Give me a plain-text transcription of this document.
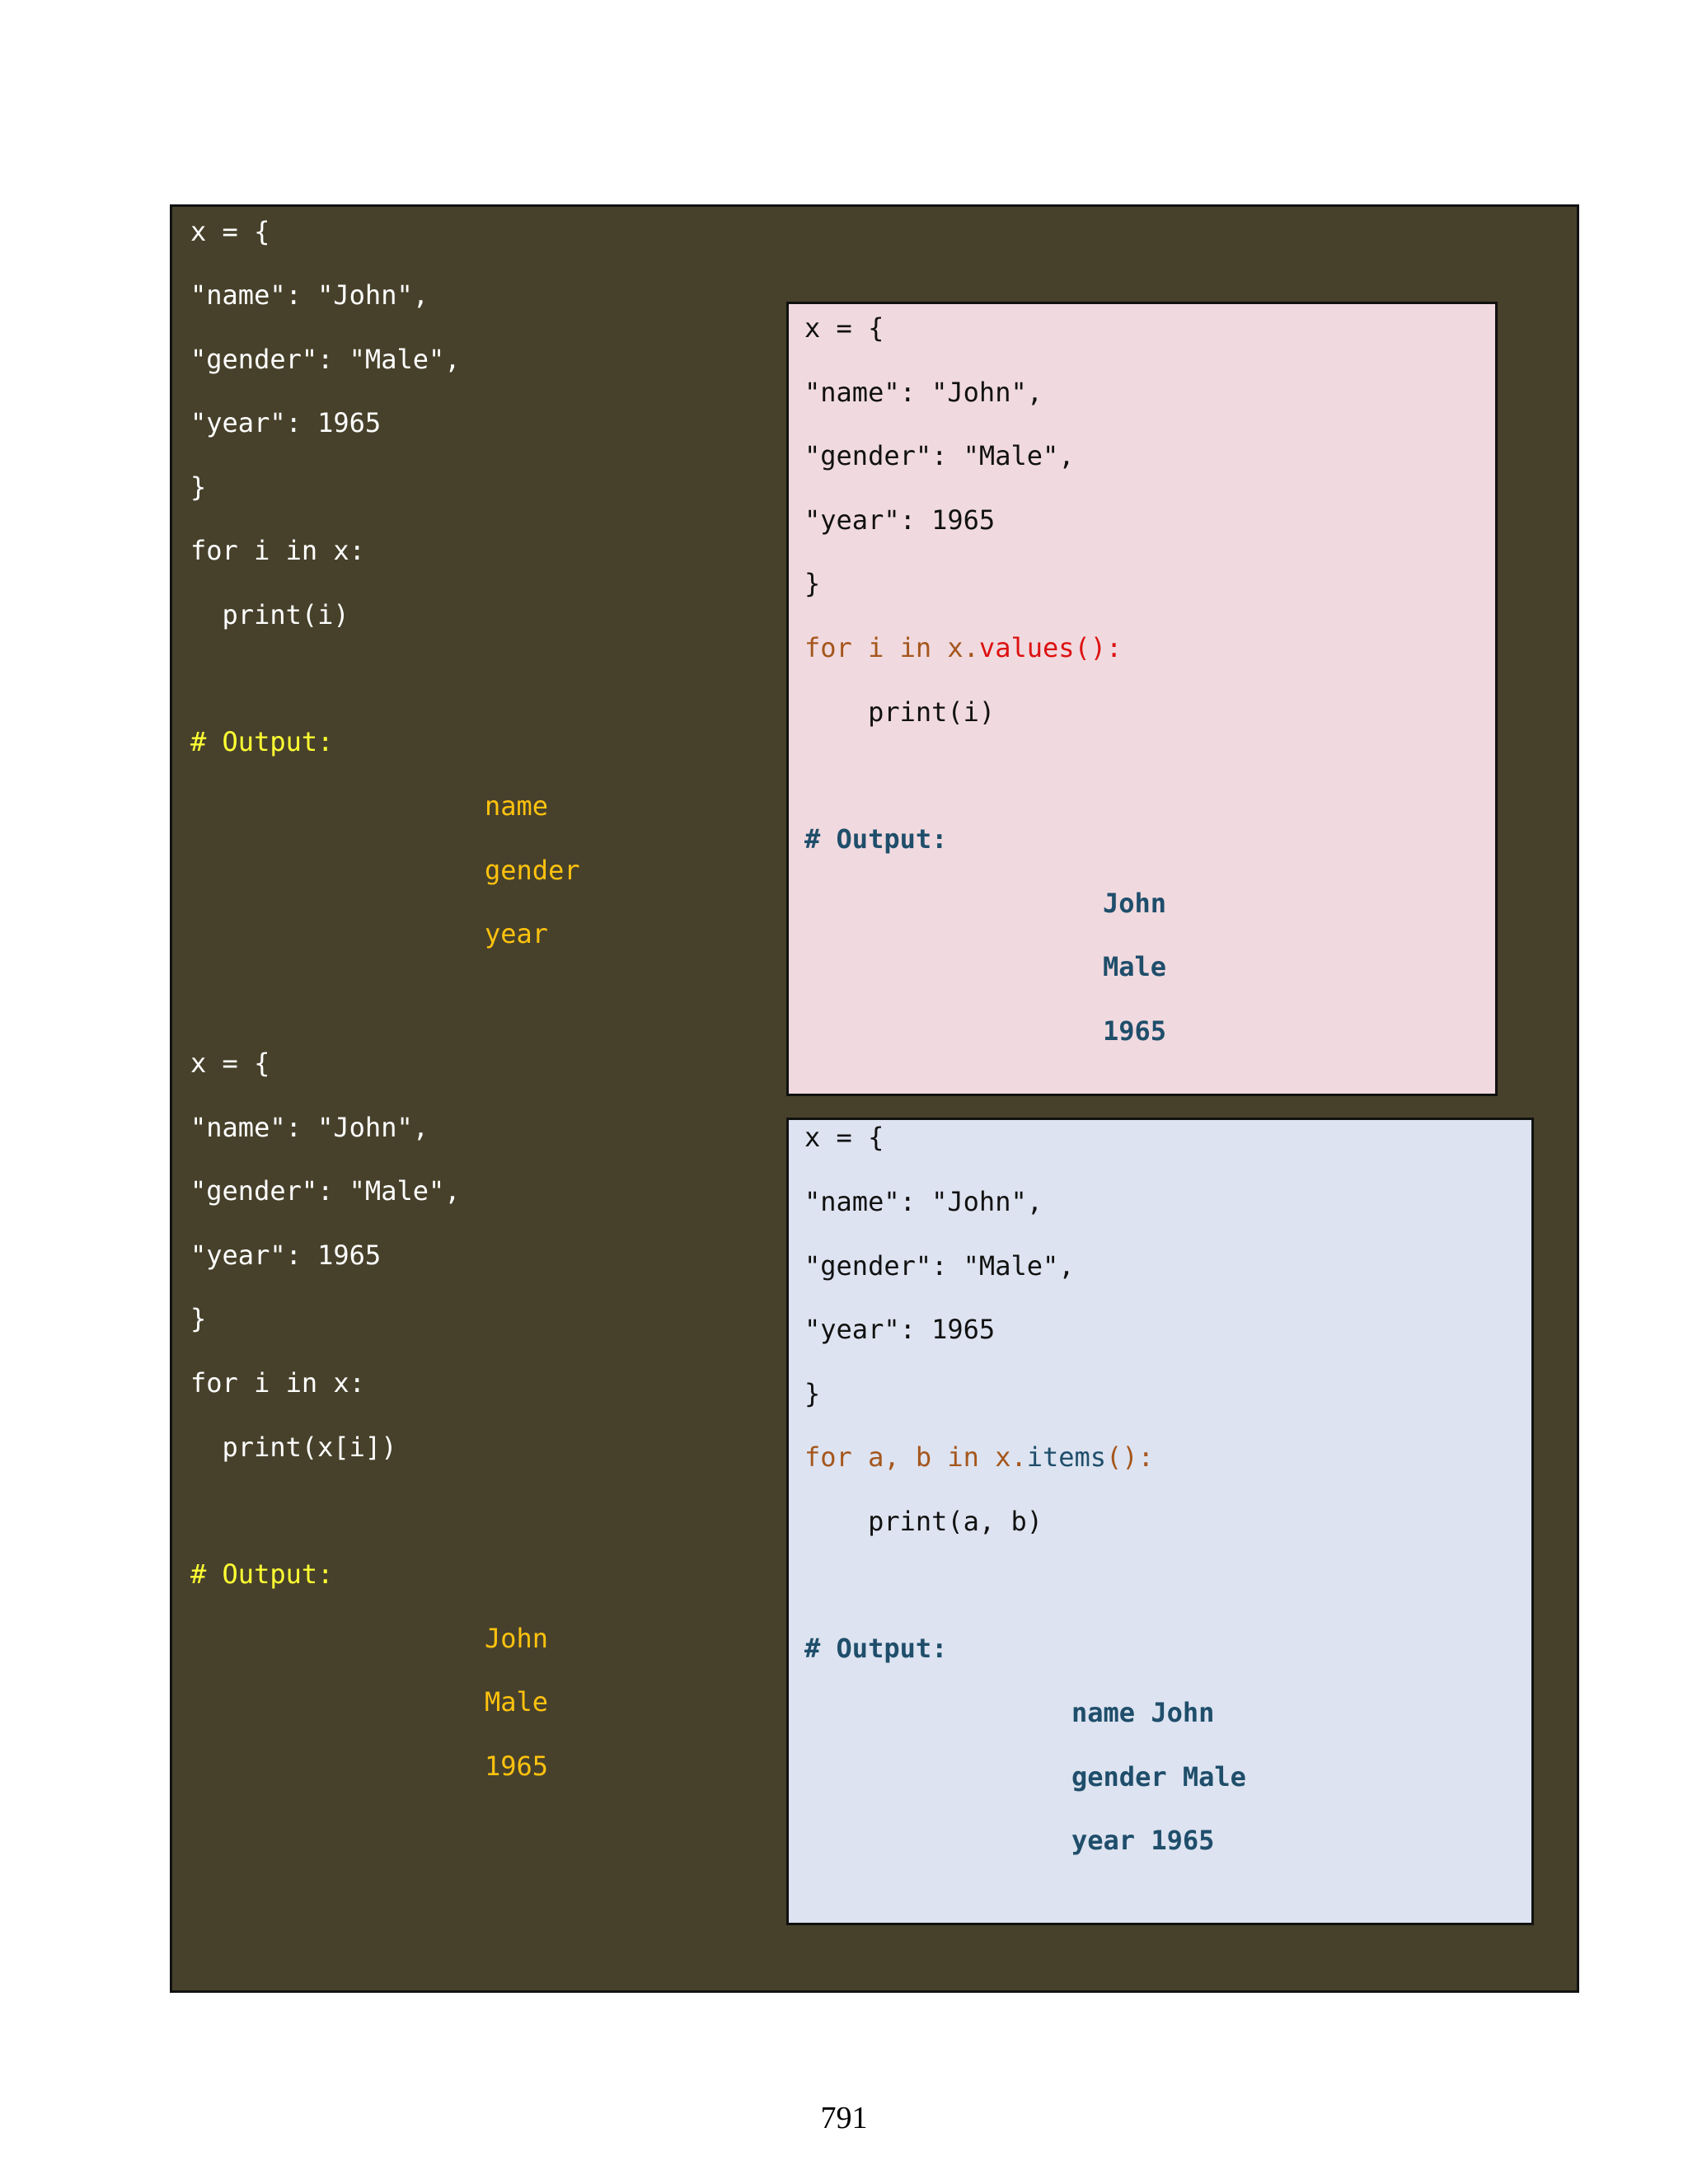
x = {
"name": "John",
"gender": "Male",
"year": 1965
}
for i in x:
print(i)
# Output:
name
gender
year
x = {
"name": "John",
"gender": "Male",
"year": 1965
}
for i in x:
print(x[i])
# Output:
John
Male
1965
x = {
"name": "John",
"gender": "Male",
"year": 1965
}
for i in x.values():
print(i)
# Output:
John
Male
1965
x = {
"name": "John",
"gender": "Male",
"year": 1965
}
for a, b in x.items():
print(a, b)
# Output:
name John
gender Male
year 1965
791
